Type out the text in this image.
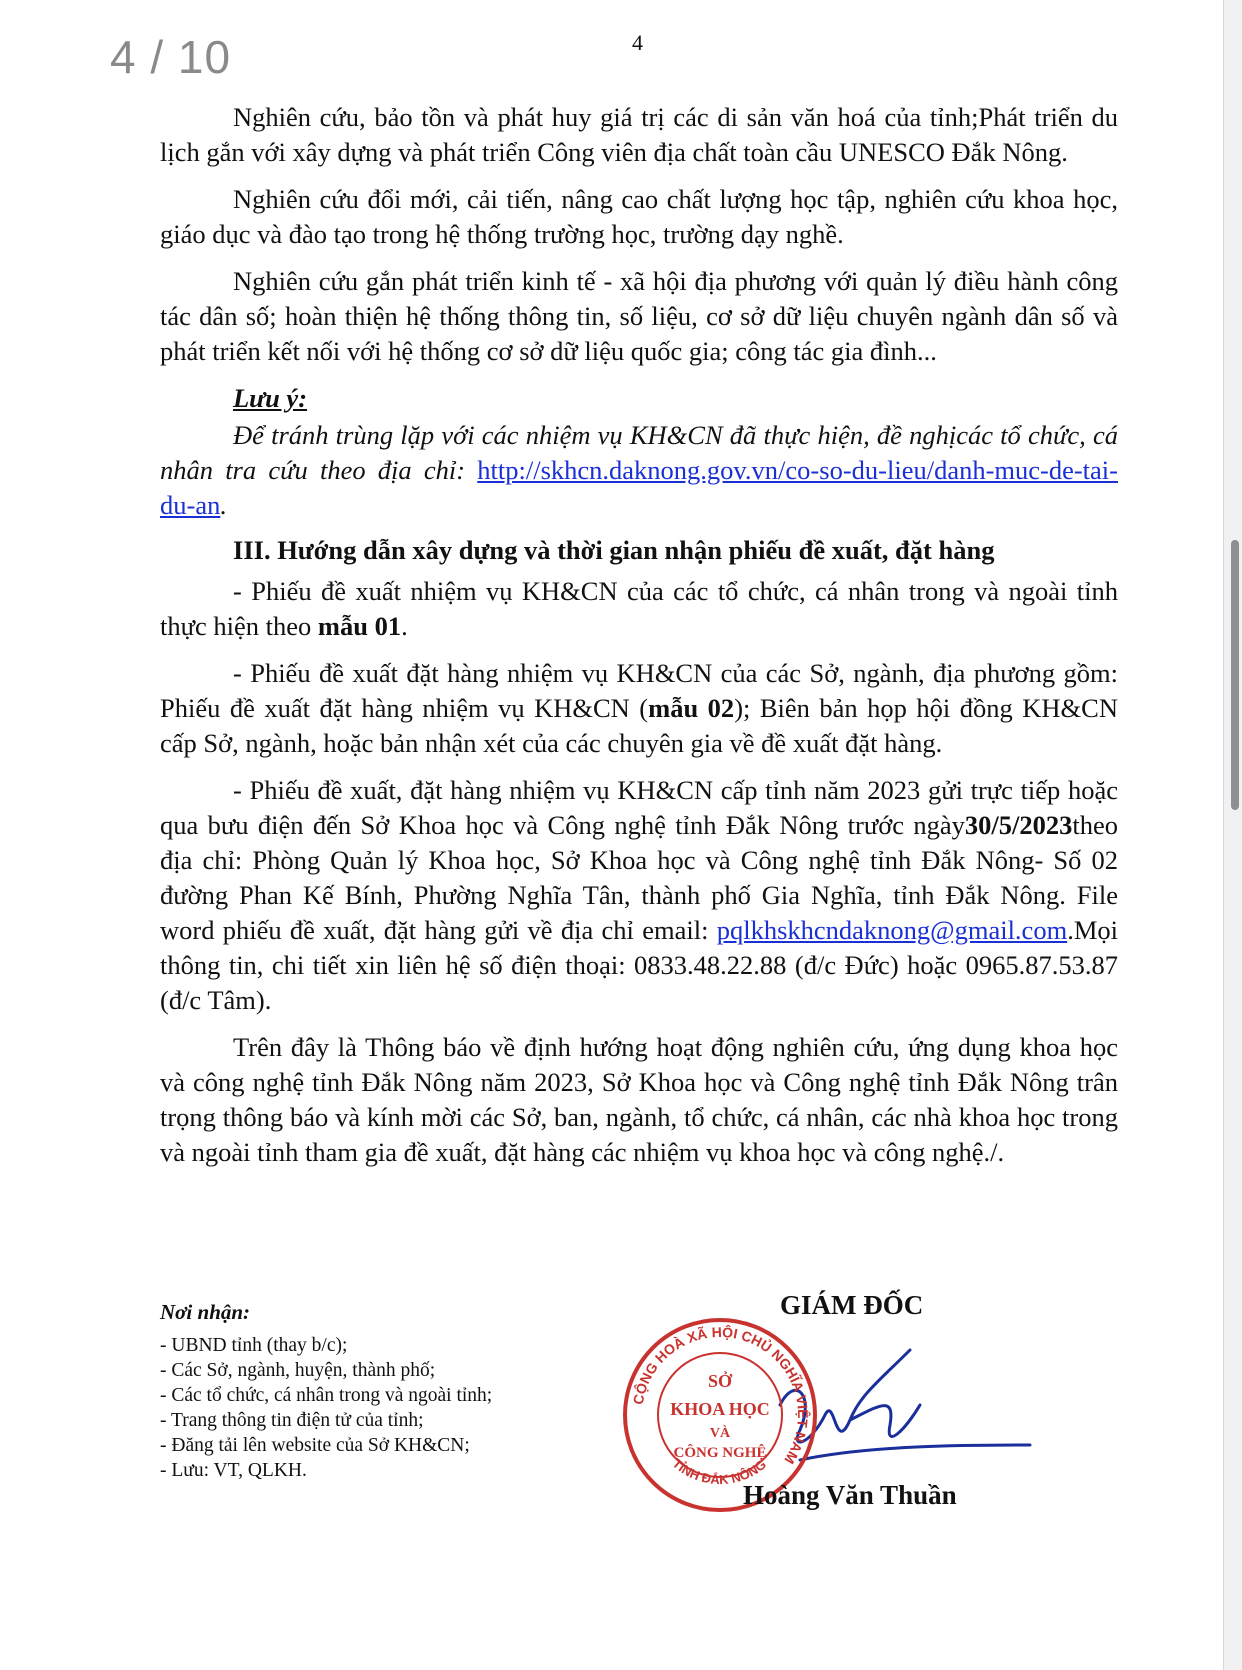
4 / 10	4

Nghiên cứu, bảo tồn và phát huy giá trị các di sản văn hoá của tỉnh;Phát triển du lịch gắn với xây dựng và phát triển Công viên địa chất toàn cầu UNESCO Đắk Nông.

Nghiên cứu đổi mới, cải tiến, nâng cao chất lượng học tập, nghiên cứu khoa học, giáo dục và đào tạo trong hệ thống trường học, trường dạy nghề.

Nghiên cứu gắn phát triển kinh tế - xã hội địa phương với quản lý điều hành công tác dân số; hoàn thiện hệ thống thông tin, số liệu, cơ sở dữ liệu chuyên ngành dân số và phát triển kết nối với hệ thống cơ sở dữ liệu quốc gia; công tác gia đình...

Lưu ý:

Để tránh trùng lặp với các nhiệm vụ KH&CN đã thực hiện, đề nghịcác tổ chức, cá nhân tra cứu theo địa chỉ: http://skhcn.daknong.gov.vn/co-so-du-lieu/danh-muc-de-tai-du-an.

III. Hướng dẫn xây dựng và thời gian nhận phiếu đề xuất, đặt hàng

- Phiếu đề xuất nhiệm vụ KH&CN của các tổ chức, cá nhân trong và ngoài tỉnh thực hiện theo mẫu 01.

- Phiếu đề xuất đặt hàng nhiệm vụ KH&CN của các Sở, ngành, địa phương gồm: Phiếu đề xuất đặt hàng nhiệm vụ KH&CN (mẫu 02); Biên bản họp hội đồng KH&CN cấp Sở, ngành, hoặc bản nhận xét của các chuyên gia về đề xuất đặt hàng.

- Phiếu đề xuất, đặt hàng nhiệm vụ KH&CN cấp tỉnh năm 2023 gửi trực tiếp hoặc qua bưu điện đến Sở Khoa học và Công nghệ tỉnh Đắk Nông trước ngày30/5/2023theo địa chỉ: Phòng Quản lý Khoa học, Sở Khoa học và Công nghệ tỉnh Đắk Nông- Số 02 đường Phan Kế Bính, Phường Nghĩa Tân, thành phố Gia Nghĩa, tỉnh Đắk Nông. File word phiếu đề xuất, đặt hàng gửi về địa chỉ email: pqlkhskhcndaknong@gmail.com.Mọi thông tin, chi tiết xin liên hệ số điện thoại: 0833.48.22.88 (đ/c Đức) hoặc 0965.87.53.87 (đ/c Tâm).

Trên đây là Thông báo về định hướng hoạt động nghiên cứu, ứng dụng khoa học và công nghệ tỉnh Đắk Nông năm 2023, Sở Khoa học và Công nghệ tỉnh Đắk Nông trân trọng thông báo và kính mời các Sở, ban, ngành, tổ chức, cá nhân, các nhà khoa học trong và ngoài tỉnh tham gia đề xuất, đặt hàng các nhiệm vụ khoa học và công nghệ./.

Nơi nhận:
- UBND tỉnh (thay b/c);
- Các Sở, ngành, huyện, thành phố;
- Các tổ chức, cá nhân trong và ngoài tỉnh;
- Trang thông tin điện tử của tỉnh;
- Đăng tải lên website của Sở KH&CN;
- Lưu: VT, QLKH.
GIÁM ĐỐC
CỘNG HOÀ XÃ HỘI CHỦ NGHĨA VIỆT NAM
TỈNH ĐẮK NÔNG
SỞ
KHOA HỌC
VÀ
CÔNG NGHỆ
Hoàng Văn Thuần
